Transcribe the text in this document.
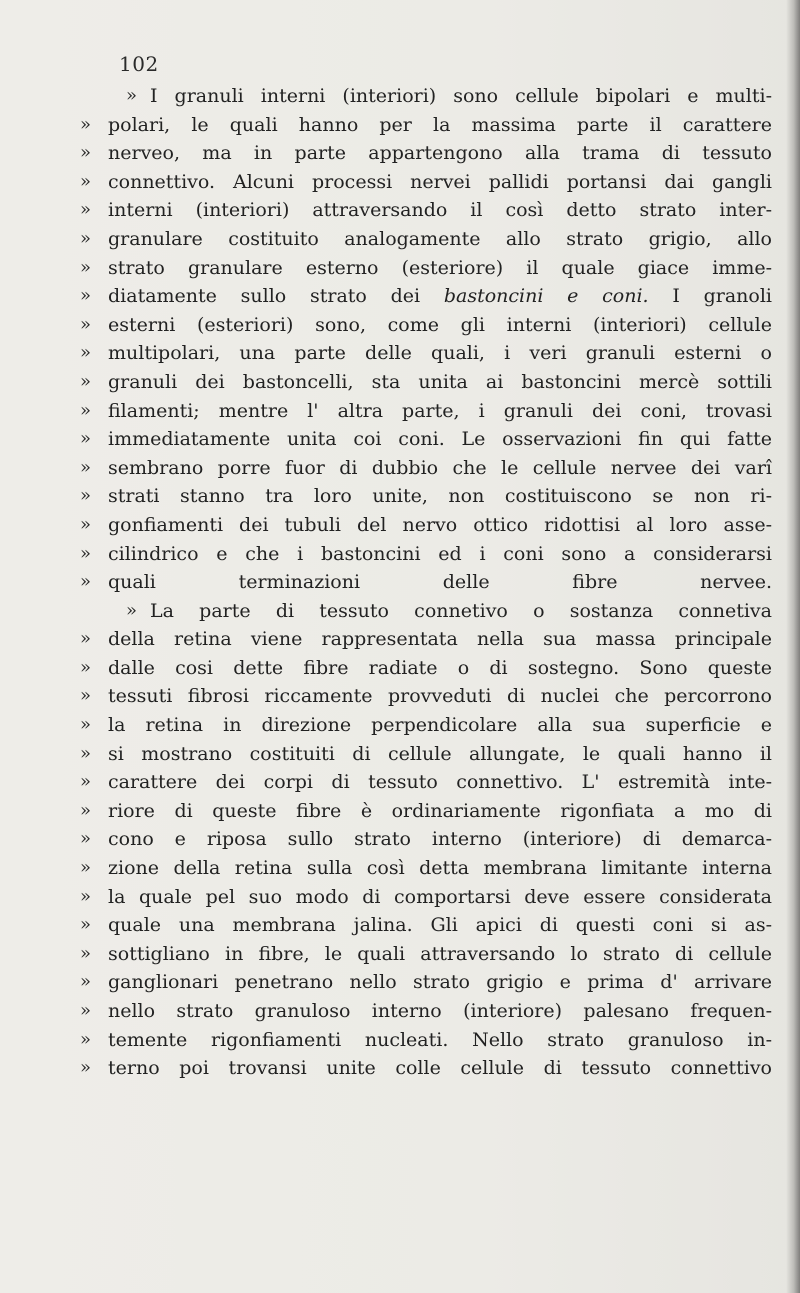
102
» I granuli interni (interiori) sono cellule bipolari e multi-
» polari, le quali hanno per la massima parte il carattere
» nerveo, ma in parte appartengono alla trama di tessuto
» connettivo. Alcuni processi nervei pallidi portansi dai gangli
» interni (interiori) attraversando il così detto strato inter-
» granulare costituito analogamente allo strato grigio, allo
» strato granulare esterno (esteriore) il quale giace imme-
» diatamente sullo strato dei bastoncini e coni. I granoli
» esterni (esteriori) sono, come gli interni (interiori) cellule
» multipolari, una parte delle quali, i veri granuli esterni o
» granuli dei bastoncelli, sta unita ai bastoncini mercè sottili
» filamenti; mentre l' altra parte, i granuli dei coni, trovasi
» immediatamente unita coi coni. Le osservazioni fin qui fatte
» sembrano porre fuor di dubbio che le cellule nervee dei varî
» strati stanno tra loro unite, non costituiscono se non ri-
» gonfiamenti dei tubuli del nervo ottico ridottisi al loro asse-
» cilindrico e che i bastoncini ed i coni sono a considerarsi
» quali terminazioni delle fibre nervee.
» La parte di tessuto connetivo o sostanza connetiva
» della retina viene rappresentata nella sua massa principale
» dalle cosi dette fibre radiate o di sostegno. Sono queste
» tessuti fibrosi riccamente provveduti di nuclei che percorrono
» la retina in direzione perpendicolare alla sua superficie e
» si mostrano costituiti di cellule allungate, le quali hanno il
» carattere dei corpi di tessuto connettivo. L' estremità inte-
» riore di queste fibre è ordinariamente rigonfiata a mo di
» cono e riposa sullo strato interno (interiore) di demarca-
» zione della retina sulla così detta membrana limitante interna
» la quale pel suo modo di comportarsi deve essere considerata
» quale una membrana jalina. Gli apici di questi coni si as-
» sottigliano in fibre, le quali attraversando lo strato di cellule
» ganglionari penetrano nello strato grigio e prima d' arrivare
» nello strato granuloso interno (interiore) palesano frequen-
» temente rigonfiamenti nucleati. Nello strato granuloso in-
» terno poi trovansi unite colle cellule di tessuto connettivo
